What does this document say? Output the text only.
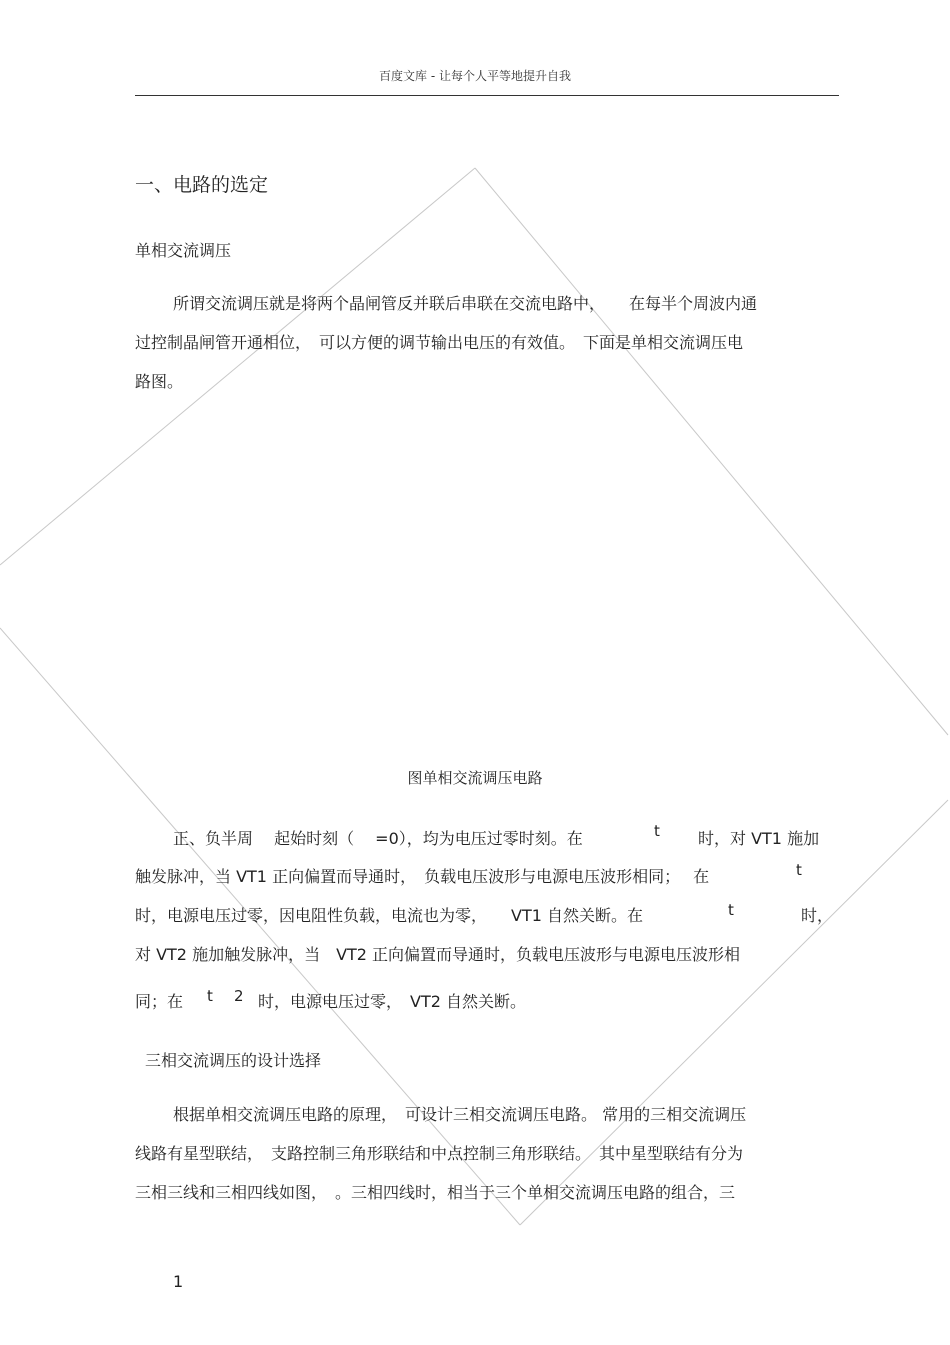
百度文库 - 让每个人平等地提升自我
一、电路的选定
单相交流调压
所谓交流调压就是将两个晶闸管反并联后串联在交流电路中，　　在每半个周波内通
过控制晶闸管开通相位，　可以方便的调节输出电压的有效值。　下面是单相交流调压电
路图。
图单相交流调压电路
正、负半周　 起始时刻（　 =0），均为电压过零时刻。在	t 时，对 VT1 施加
触发脉冲，当 VT1 正向偏置而导通时，　负载电压波形与电源电压波形相同；　 在	t
时，电源电压过零，因电阻性负载，电流也为零，　　VT1 自然关断。在	t	时，
对 VT2 施加触发脉冲，当　VT2 正向偏置而导通时，负载电压波形与电源电压波形相
同；在 t 2 时，电源电压过零，　VT2 自然关断。
三相交流调压的设计选择
根据单相交流调压电路的原理，　可设计三相交流调压电路。 常用的三相交流调压
线路有星型联结，　支路控制三角形联结和中点控制三角形联结。　其中星型联结有分为
三相三线和三相四线如图，　。三相四线时，相当于三个单相交流调压电路的组合，三
1
